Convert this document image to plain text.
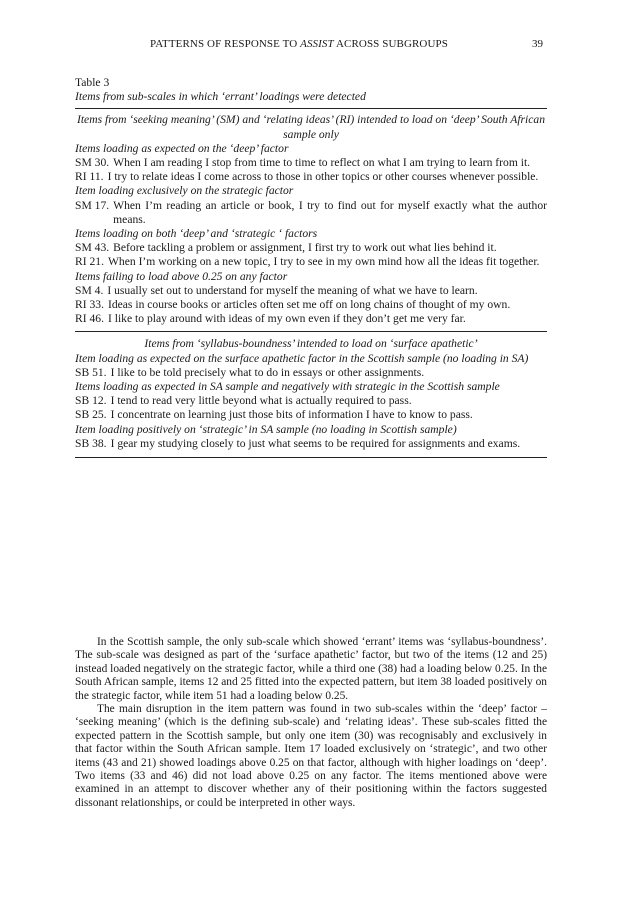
PATTERNS OF RESPONSE TO ASSIST ACROSS SUBGROUPS	39

Table 3

Items from sub-scales in which ‘errant’ loadings were detected

Items from ‘seeking meaning’ (SM) and ‘relating ideas’ (RI) intended to load on ‘deep’ South African sample only

Items loading as expected on the ‘deep’ factor

SM 30. When I am reading I stop from time to time to reflect on what I am trying to learn from it.
RI 11. I try to relate ideas I come across to those in other topics or other courses whenever possible.

Item loading exclusively on the strategic factor

SM 17. When I’m reading an article or book, I try to find out for myself exactly what the author means.

Items loading on both ‘deep’ and ‘strategic ‘ factors

SM 43. Before tackling a problem or assignment, I first try to work out what lies behind it.
RI 21. When I’m working on a new topic, I try to see in my own mind how all the ideas fit together.

Items failing to load above 0.25 on any factor

SM 4. I usually set out to understand for myself the meaning of what we have to learn.
RI 33. Ideas in course books or articles often set me off on long chains of thought of my own.
RI 46. I like to play around with ideas of my own even if they don’t get me very far.

Items from ‘syllabus-boundness’ intended to load on ‘surface apathetic’

Item loading as expected on the surface apathetic factor in the Scottish sample (no loading in SA)

SB 51. I like to be told precisely what to do in essays or other assignments.

Items loading as expected in SA sample and negatively with strategic in the Scottish sample

SB 12. I tend to read very little beyond what is actually required to pass.
SB 25. I concentrate on learning just those bits of information I have to know to pass.

Item loading positively on ‘strategic’ in SA sample (no loading in Scottish sample)

SB 38. I gear my studying closely to just what seems to be required for assignments and exams.

In the Scottish sample, the only sub-scale which showed ‘errant’ items was ‘syllabus-boundness’. The sub-scale was designed as part of the ‘surface apathetic’ factor, but two of the items (12 and 25) instead loaded negatively on the strategic factor, while a third one (38) had a loading below 0.25. In the South African sample, items 12 and 25 fitted into the expected pattern, but item 38 loaded positively on the strategic factor, while item 51 had a loading below 0.25.

The main disruption in the item pattern was found in two sub-scales within the ‘deep’ factor – ‘seeking meaning’ (which is the defining sub-scale) and ‘relating ideas’. These sub-scales fitted the expected pattern in the Scottish sample, but only one item (30) was recognisably and exclusively in that factor within the South African sample. Item 17 loaded exclusively on ‘strategic’, and two other items (43 and 21) showed loadings above 0.25 on that factor, although with higher loadings on ‘deep’. Two items (33 and 46) did not load above 0.25 on any factor. The items mentioned above were examined in an attempt to discover whether any of their positioning within the factors suggested dissonant relationships, or could be interpreted in other ways.
